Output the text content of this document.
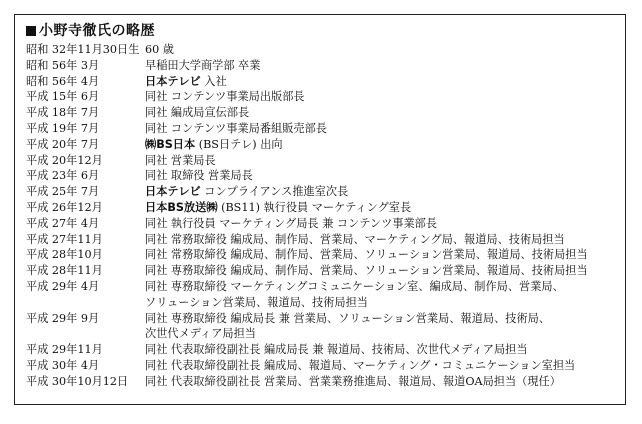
小野寺徹氏の略歴
昭和 32年11月30日生 60 歳
昭和 56年 3月	早稲田大学商学部 卒業
昭和 56年 4月	日本テレビ 入社
平成 15年 6月	同社 コンテンツ事業局出版部長
平成 18年 7月	同社 編成局宣伝部長
平成 19年 7月	同社 コンテンツ事業局番組販売部長
平成 20年 7月	㈱BS日本 (BS日テレ) 出向
平成 20年12月	同社 営業局長
平成 23年 6月	同社 取締役 営業局長
平成 25年 7月	日本テレビ コンプライアンス推進室次長
平成 26年12月	日本BS放送㈱ (BS11) 執行役員 マーケティング室長
平成 27年 4月	同社 執行役員 マーケティング局長 兼 コンテンツ事業部長
平成 27年11月	同社 常務取締役 編成局、制作局、営業局、マーケティング局、報道局、技術局担当
平成 28年10月	同社 常務取締役 編成局、制作局、営業局、ソリューション営業局、報道局、技術局担当
平成 28年11月	同社 専務取締役 編成局、制作局、営業局、ソリューション営業局、報道局、技術局担当
平成 29年 4月	同社 専務取締役 マーケティングコミュニケーション室、編成局、制作局、営業局、
ソリューション営業局、報道局、技術局担当
平成 29年 9月	同社 専務取締役 編成局長 兼 営業局、ソリューション営業局、報道局、技術局、
次世代メディア局担当
平成 29年11月	同社 代表取締役副社長 編成局長 兼 報道局、技術局、次世代メディア局担当
平成 30年 4月	同社 代表取締役副社長 編成局、報道局、マーケティング・コミュニケーション室担当
平成 30年10月12日	同社 代表取締役副社長 営業局、営業業務推進局、報道局、報道OA局担当（現任）
